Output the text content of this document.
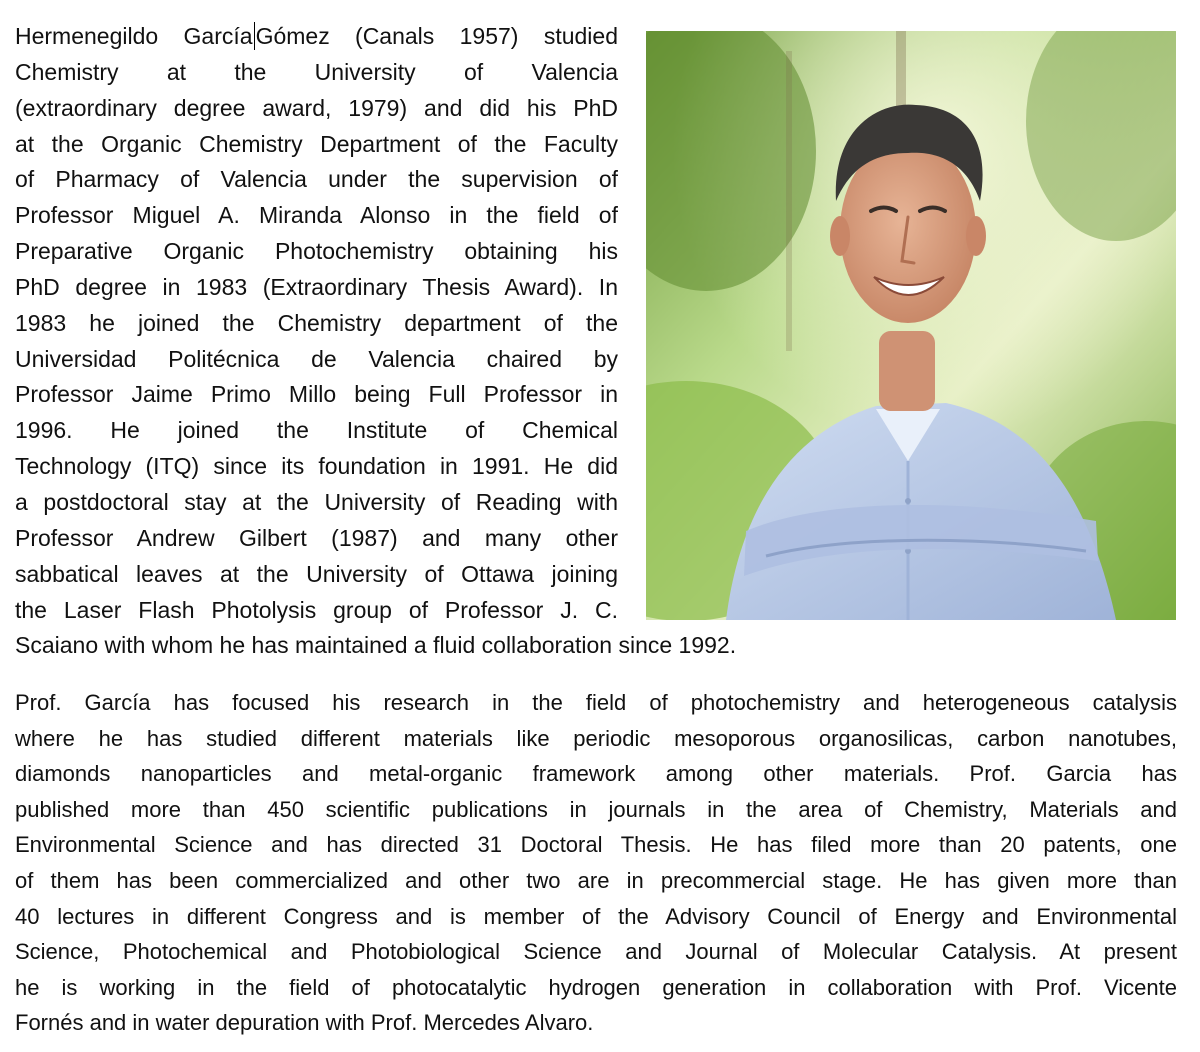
Hermenegildo García Gómez (Canals 1957) studied
Chemistry at the University of Valencia
(extraordinary degree award, 1979) and did his PhD
at the Organic Chemistry Department of the Faculty
of Pharmacy of Valencia under the supervision of
Professor Miguel A. Miranda Alonso in the field of
Preparative Organic Photochemistry obtaining his
PhD degree in 1983 (Extraordinary Thesis Award). In
1983 he joined the Chemistry department of the
Universidad Politécnica de Valencia chaired by
Professor Jaime Primo Millo being Full Professor in
1996. He joined the Institute of Chemical
Technology (ITQ) since its foundation in 1991. He did
a postdoctoral stay at the University of Reading with
Professor Andrew Gilbert (1987) and many other
sabbatical leaves at the University of Ottawa joining
the Laser Flash Photolysis group of Professor J. C.
Scaiano with whom he has maintained a fluid collaboration since 1992.

Prof. García has focused his research in the field of photochemistry and heterogeneous catalysis
where he has studied different materials like periodic mesoporous organosilicas, carbon nanotubes,
diamonds nanoparticles and metal-organic framework among other materials. Prof. Garcia has
published more than 450 scientific publications in journals in the area of Chemistry, Materials and
Environmental Science and has directed 31 Doctoral Thesis. He has filed more than 20 patents, one
of them has been commercialized and other two are in precommercial stage. He has given more than
40 lectures in different Congress and is member of the Advisory Council of Energy and Environmental
Science, Photochemical and Photobiological Science and Journal of Molecular Catalysis. At present
he is working in the field of photocatalytic hydrogen generation in collaboration with Prof. Vicente
Fornés and in water depuration with Prof. Mercedes Alvaro.
